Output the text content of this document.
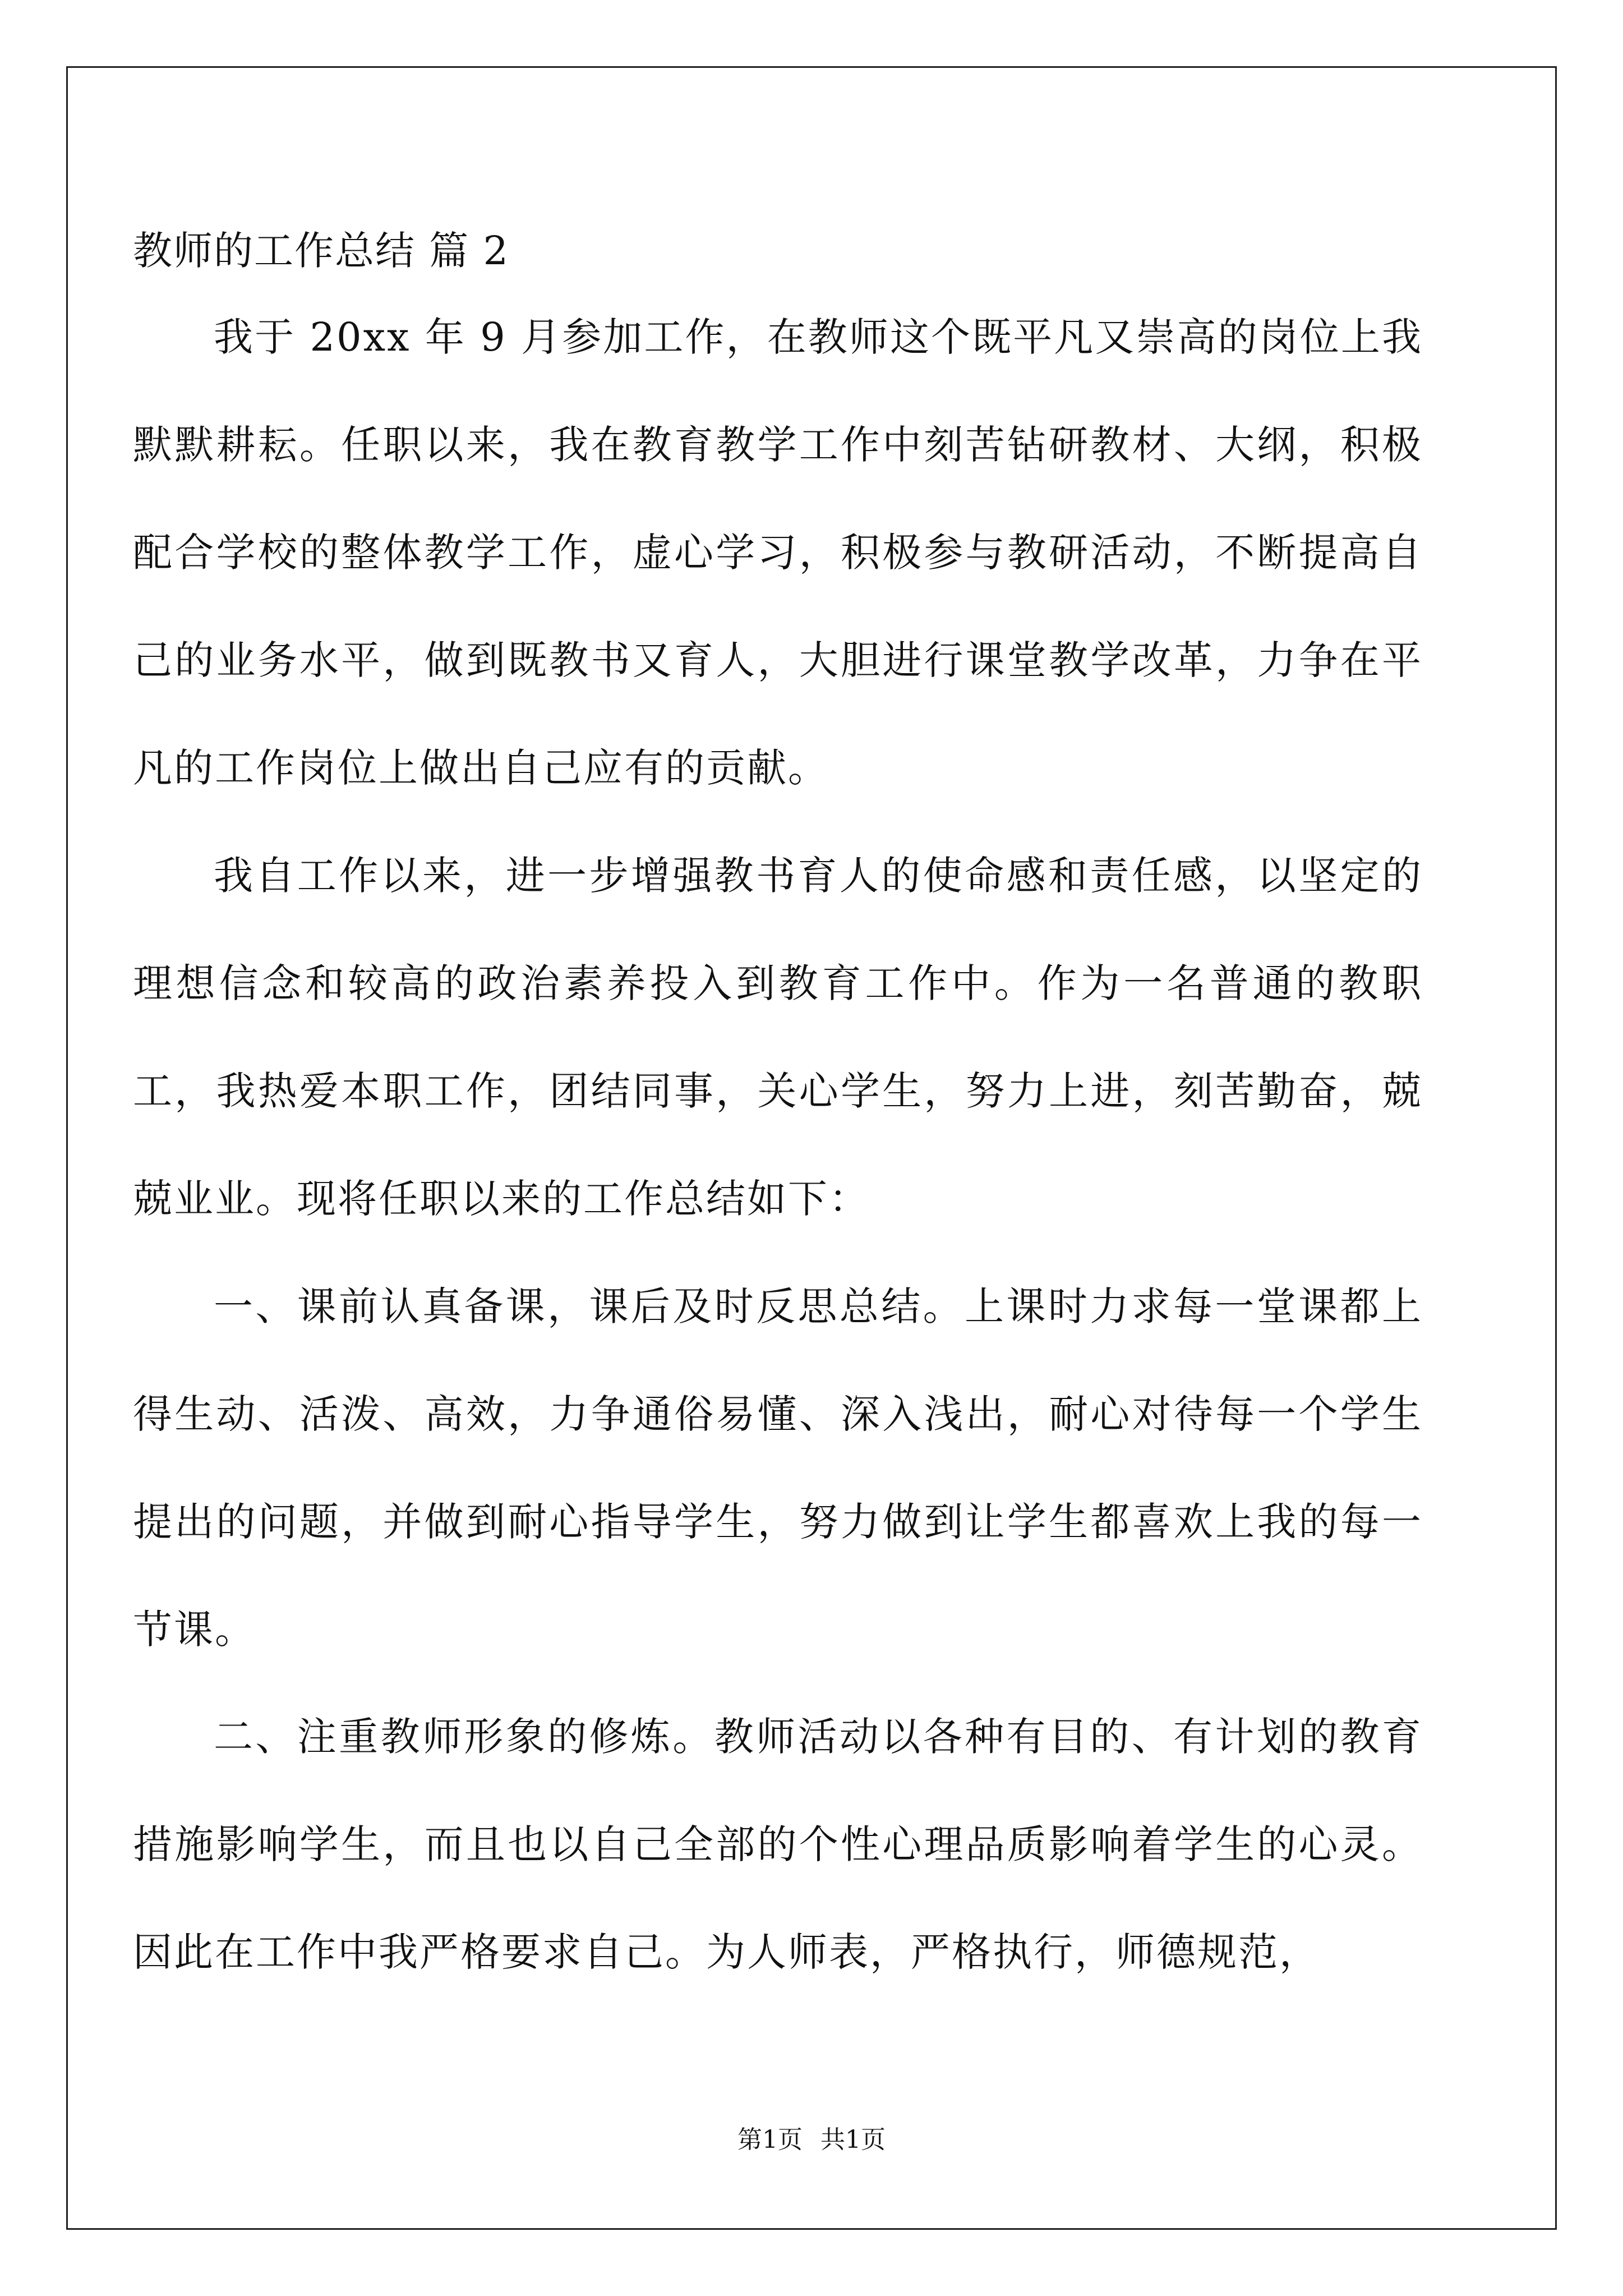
教师的工作总结 篇 2

我于 20xx 年 9 月参加工作，在教师这个既平凡又崇高的岗位上我默默耕耘。任职以来，我在教育教学工作中刻苦钻研教材、大纲，积极配合学校的整体教学工作，虚心学习，积极参与教研活动，不断提高自己的业务水平，做到既教书又育人，大胆进行课堂教学改革，力争在平凡的工作岗位上做出自己应有的贡献。

我自工作以来，进一步增强教书育人的使命感和责任感，以坚定的理想信念和较高的政治素养投入到教育工作中。作为一名普通的教职工，我热爱本职工作，团结同事，关心学生，努力上进，刻苦勤奋，兢兢业业。现将任职以来的工作总结如下：

一、课前认真备课，课后及时反思总结。上课时力求每一堂课都上得生动、活泼、高效，力争通俗易懂、深入浅出，耐心对待每一个学生提出的问题，并做到耐心指导学生，努力做到让学生都喜欢上我的每一节课。

二、注重教师形象的修炼。教师活动以各种有目的、有计划的教育措施影响学生，而且也以自己全部的个性心理品质影响着学生的心灵。因此在工作中我严格要求自己。为人师表，严格执行，师德规范，

第1页 共1页
